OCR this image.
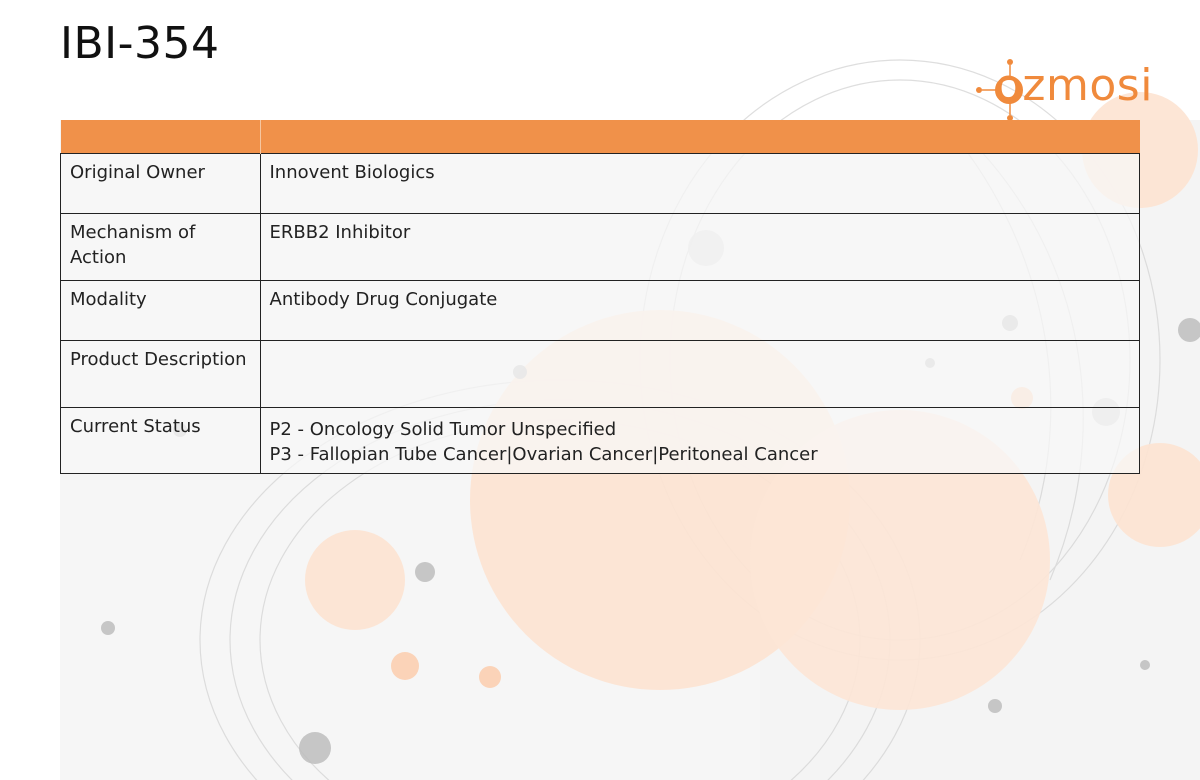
IBI-354
ozmosi

Original Owner	Innovent Biologics

Mechanism of Action	ERBB2 Inhibitor

Modality	Antibody Drug Conjugate

Product Description	
Current Status	P2 - Oncology Solid Tumor Unspecified
P3 - Fallopian Tube Cancer|Ovarian Cancer|Peritoneal Cancer
